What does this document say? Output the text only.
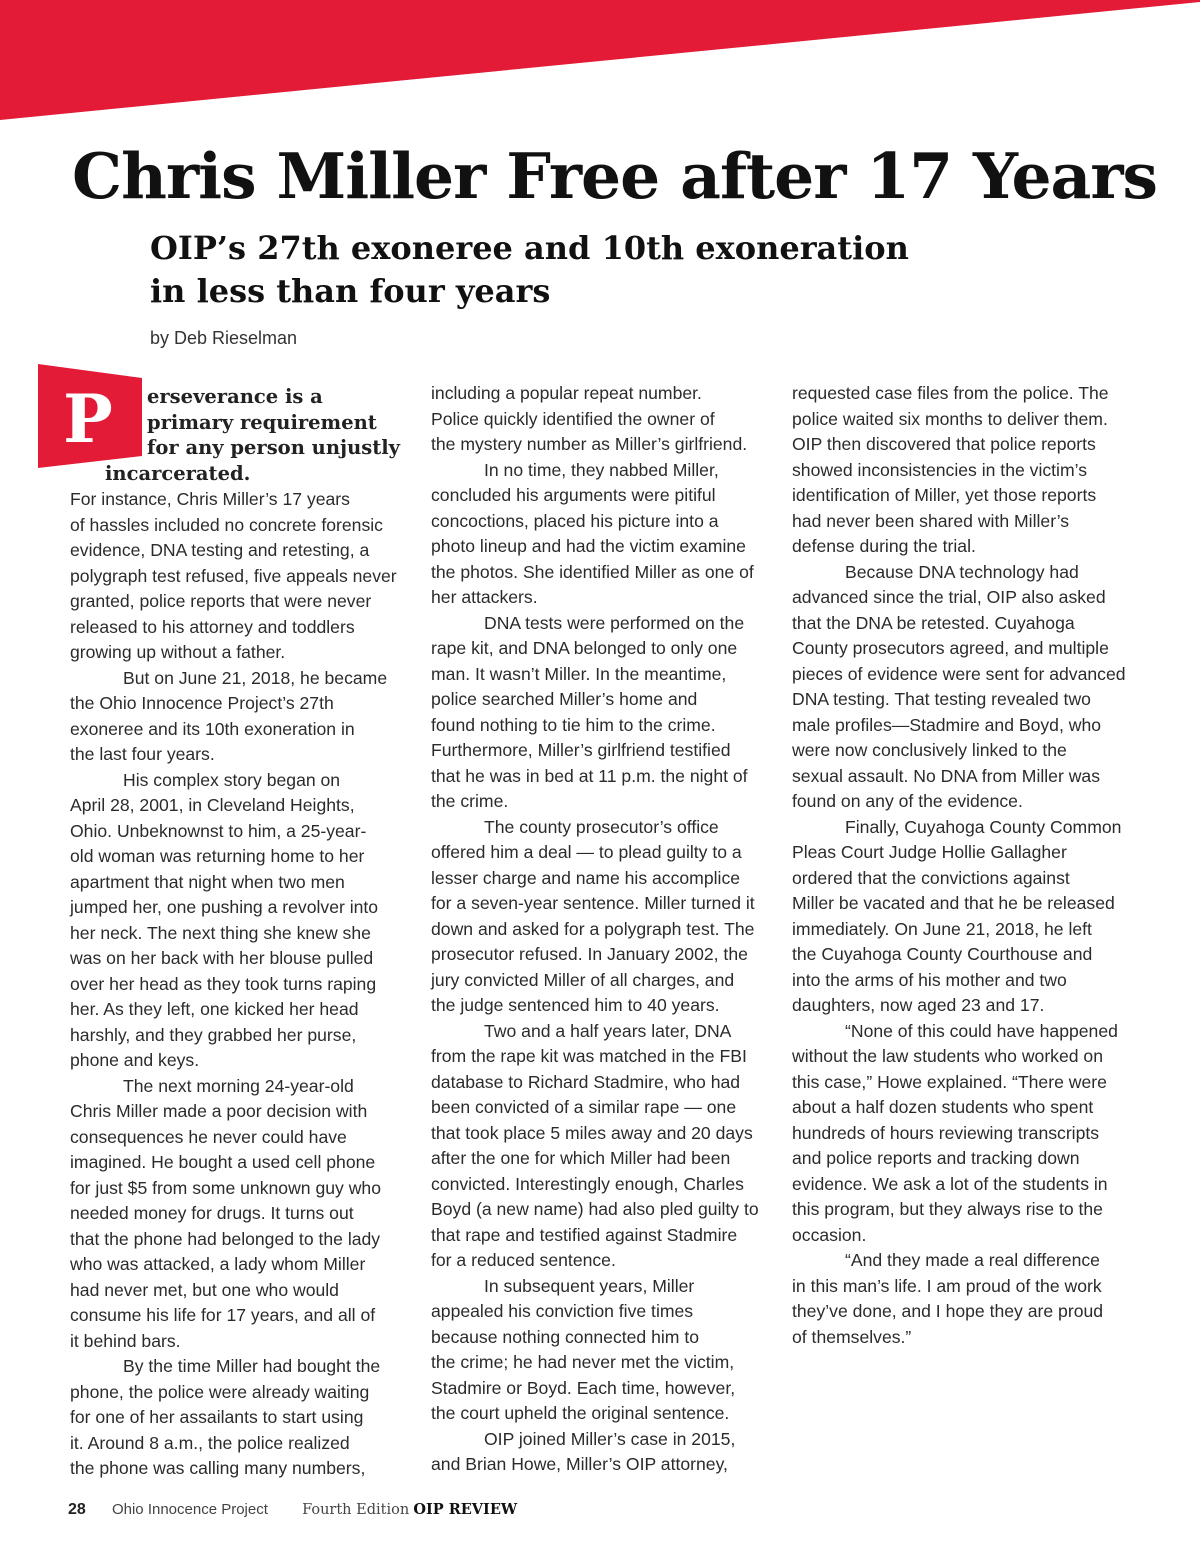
Chris Miller Free after 17 Years
OIP’s 27th exoneree and 10th exoneration
in less than four years
by Deb Rieselman
P	erseverance is a
primary requirement
for any person unjustly
incarcerated.
For instance, Chris Miller’s 17 years
of hassles included no concrete forensic
evidence, DNA testing and retesting, a
polygraph test refused, five appeals never
granted, police reports that were never
released to his attorney and toddlers
growing up without a father.
But on June 21, 2018, he became
the Ohio Innocence Project’s 27th
exoneree and its 10th exoneration in
the last four years.
His complex story began on
April 28, 2001, in Cleveland Heights,
Ohio. Unbeknownst to him, a 25-year-
old woman was returning home to her
apartment that night when two men
jumped her, one pushing a revolver into
her neck. The next thing she knew she
was on her back with her blouse pulled
over her head as they took turns raping
her. As they left, one kicked her head
harshly, and they grabbed her purse,
phone and keys.
The next morning 24-year-old
Chris Miller made a poor decision with
consequences he never could have
imagined. He bought a used cell phone
for just $5 from some unknown guy who
needed money for drugs. It turns out
that the phone had belonged to the lady
who was attacked, a lady whom Miller
had never met, but one who would
consume his life for 17 years, and all of
it behind bars.
By the time Miller had bought the
phone, the police were already waiting
for one of her assailants to start using
it. Around 8 a.m., the police realized
the phone was calling many numbers,
including a popular repeat number.
Police quickly identified the owner of
the mystery number as Miller’s girlfriend.
In no time, they nabbed Miller,
concluded his arguments were pitiful
concoctions, placed his picture into a
photo lineup and had the victim examine
the photos. She identified Miller as one of
her attackers.
DNA tests were performed on the
rape kit, and DNA belonged to only one
man. It wasn’t Miller. In the meantime,
police searched Miller’s home and
found nothing to tie him to the crime.
Furthermore, Miller’s girlfriend testified
that he was in bed at 11 p.m. the night of
the crime.
The county prosecutor’s office
offered him a deal — to plead guilty to a
lesser charge and name his accomplice
for a seven-year sentence. Miller turned it
down and asked for a polygraph test. The
prosecutor refused. In January 2002, the
jury convicted Miller of all charges, and
the judge sentenced him to 40 years.
Two and a half years later, DNA
from the rape kit was matched in the FBI
database to Richard Stadmire, who had
been convicted of a similar rape — one
that took place 5 miles away and 20 days
after the one for which Miller had been
convicted. Interestingly enough, Charles
Boyd (a new name) had also pled guilty to
that rape and testified against Stadmire
for a reduced sentence.
In subsequent years, Miller
appealed his conviction five times
because nothing connected him to
the crime; he had never met the victim,
Stadmire or Boyd. Each time, however,
the court upheld the original sentence.
OIP joined Miller’s case in 2015,
and Brian Howe, Miller’s OIP attorney,
requested case files from the police. The
police waited six months to deliver them.
OIP then discovered that police reports
showed inconsistencies in the victim’s
identification of Miller, yet those reports
had never been shared with Miller’s
defense during the trial.
Because DNA technology had
advanced since the trial, OIP also asked
that the DNA be retested. Cuyahoga
County prosecutors agreed, and multiple
pieces of evidence were sent for advanced
DNA testing. That testing revealed two
male profiles—Stadmire and Boyd, who
were now conclusively linked to the
sexual assault. No DNA from Miller was
found on any of the evidence.
Finally, Cuyahoga County Common
Pleas Court Judge Hollie Gallagher
ordered that the convictions against
Miller be vacated and that he be released
immediately. On June 21, 2018, he left
the Cuyahoga County Courthouse and
into the arms of his mother and two
daughters, now aged 23 and 17.
“None of this could have happened
without the law students who worked on
this case,” Howe explained. “There were
about a half dozen students who spent
hundreds of hours reviewing transcripts
and police reports and tracking down
evidence. We ask a lot of the students in
this program, but they always rise to the
occasion.
“And they made a real difference
in this man’s life. I am proud of the work
they’ve done, and I hope they are proud
of themselves.”
28 Ohio Innocence Project Fourth Edition OIP REVIEW
